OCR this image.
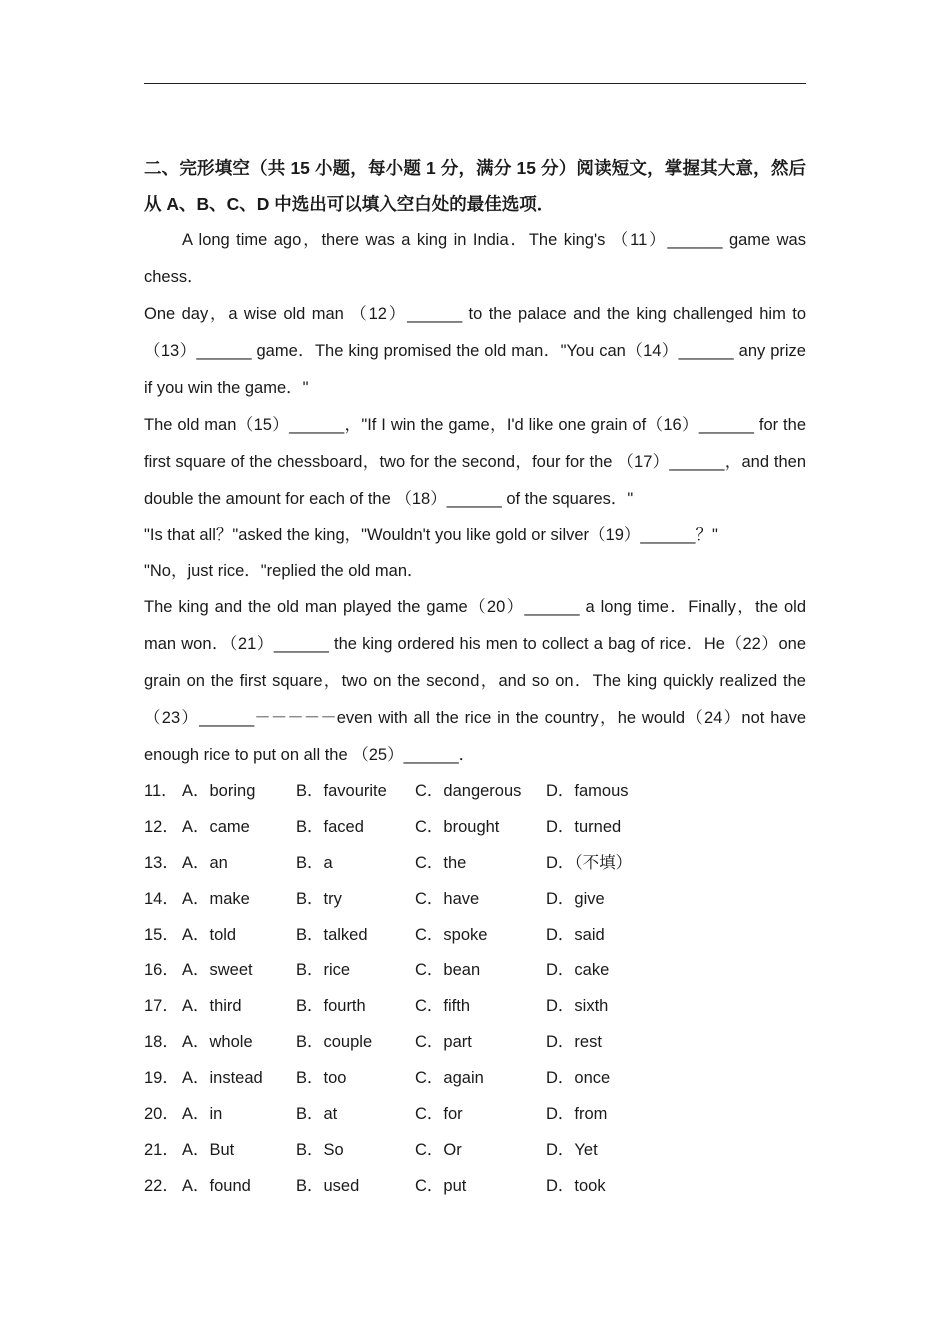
二、完形填空（共 15 小题，每小题 1 分，满分 15 分）阅读短文，掌握其大意，然后从 A、B、C、D 中选出可以填入空白处的最佳选项．

A long time ago，there was a king in India．The king's （11）______ game was chess．

One day，a wise old man （12）______ to the palace and the king challenged him to （13）______ game．The king promised the old man．"You can（14）______ any prize if you win the game．"

The old man（15）______，"If I win the game，I'd like one grain of（16）______ for the first square of the chessboard，two for the second，four for the （17）______，and then double the amount for each of the （18）______ of the squares．"

"Is that all？"asked the king，"Wouldn't you like gold or silver（19）______？"

"No，just rice．"replied the old man．

The king and the old man played the game（20）______ a long time．Finally，the old man won．（21）______ the king ordered his men to collect a bag of rice．He（22）one grain on the first square，two on the second，and so on．The king quickly realized the（23）______－－－－－even with all the rice in the country，he would（24）not have enough rice to put on all the （25）______．

11． A．boring	B．favourite	C．dangerous	D．famous
12． A．came	B．faced	C．brought	D．turned
13． A．an	B．a	C．the	D．（不填）
14． A．make	B．try	C．have	D．give
15． A．told	B．talked	C．spoke	D．said
16． A．sweet	B．rice	C．bean	D．cake
17． A．third	B．fourth	C．fifth	D．sixth
18． A．whole	B．couple	C．part	D．rest
19． A．instead	B．too	C．again	D．once
20． A．in	B．at	C．for	D．from
21． A．But	B．So	C．Or	D．Yet
22． A．found	B．used	C．put	D．took
